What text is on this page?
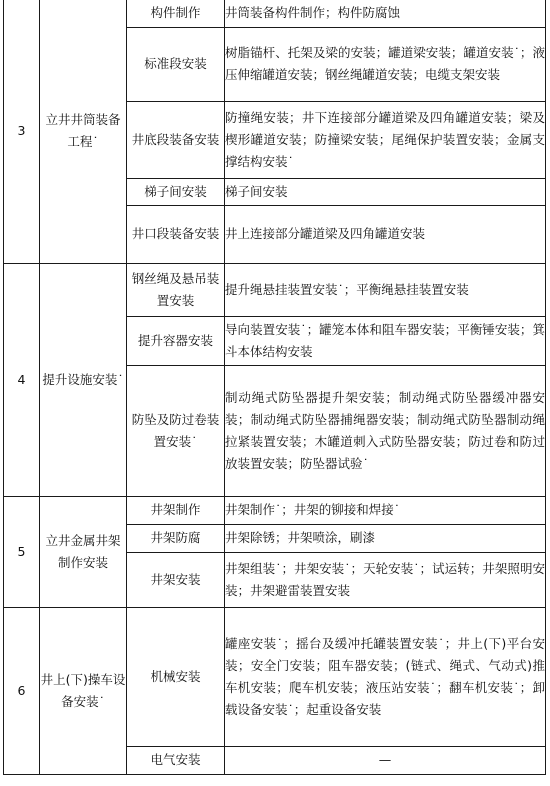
3	立井井筒装备工程˙	构件制作	井筒装备构件制作；构件防腐蚀
		标准段安装	树脂锚杆、托架及梁的安装；罐道梁安装；罐道安装˙；液压伸缩罐道安装；钢丝绳罐道安装；电缆支架安装
		井底段装备安装	防撞绳安装；井下连接部分罐道梁及四角罐道安装；梁及楔形罐道安装；防撞梁安装；尾绳保护装置安装；金属支撑结构安装˙
		梯子间安装	梯子间安装
		井口段装备安装	井上连接部分罐道梁及四角罐道安装
4	提升设施安装˙	钢丝绳及悬吊装置安装	提升绳悬挂装置安装˙；平衡绳悬挂装置安装
		提升容器安装	导向装置安装˙；罐笼本体和阻车器安装；平衡锤安装；箕斗本体结构安装
		防坠及防过卷装置安装˙	制动绳式防坠器提升架安装；制动绳式防坠器缓冲器安装；制动绳式防坠器捕绳器安装；制动绳式防坠器制动绳拉紧装置安装；木罐道刺入式防坠器安装；防过卷和防过放装置安装；防坠器试验˙
5	立井金属井架制作安装	井架制作	井架制作˙；井架的铆接和焊接˙
		井架防腐	井架除锈；井架喷涂，刷漆
		井架安装	井架组装˙；井架安装˙；天轮安装˙；试运转；井架照明安装；井架避雷装置安装
6	井上(下)操车设备安装˙	机械安装	罐座安装˙；摇台及缓冲托罐装置安装˙；井上(下)平台安装；安全门安装；阻车器安装；(链式、绳式、气动式)推车机安装；爬车机安装；液压站安装˙；翻车机安装˙；卸载设备安装˙；起重设备安装
		电气安装	—
